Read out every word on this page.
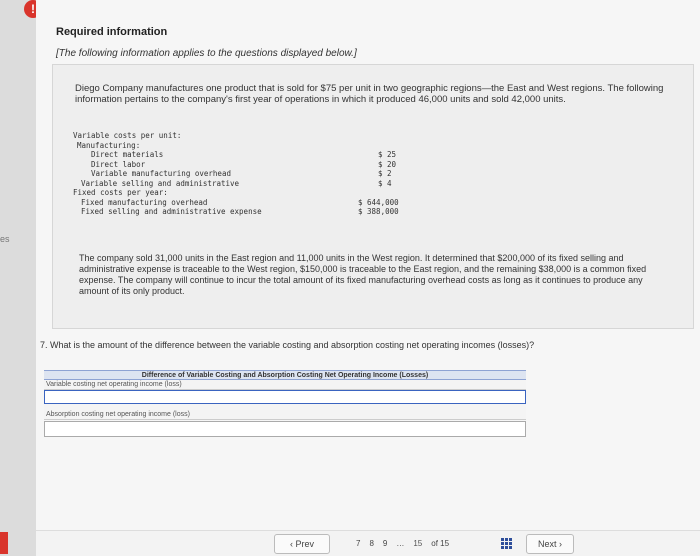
!
es
Required information
[The following information applies to the questions displayed below.]
Diego Company manufactures one product that is sold for $75 per unit in two geographic regions—the East and West regions. The following information pertains to the company's first year of operations in which it produced 46,000 units and sold 42,000 units.
Variable costs per unit:
Manufacturing:
Direct materials	$ 25
Direct labor	$ 20
Variable manufacturing overhead	$ 2
Variable selling and administrative	$ 4
Fixed costs per year:
Fixed manufacturing overhead	$ 644,000
Fixed selling and administrative expense	$ 388,000
The company sold 31,000 units in the East region and 11,000 units in the West region. It determined that $200,000 of its fixed selling and administrative expense is traceable to the West region, $150,000 is traceable to the East region, and the remaining $38,000 is a common fixed expense. The company will continue to incur the total amount of its fixed manufacturing overhead costs as long as it continues to produce any amount of its only product.
7. What is the amount of the difference between the variable costing and absorption costing net operating incomes (losses)?
Difference of Variable Costing and Absorption Costing Net Operating Income (Losses)
Variable costing net operating income (loss)
Absorption costing net operating income (loss)
‹ Prev	7 8 9 … 15 of 15	Next ›
